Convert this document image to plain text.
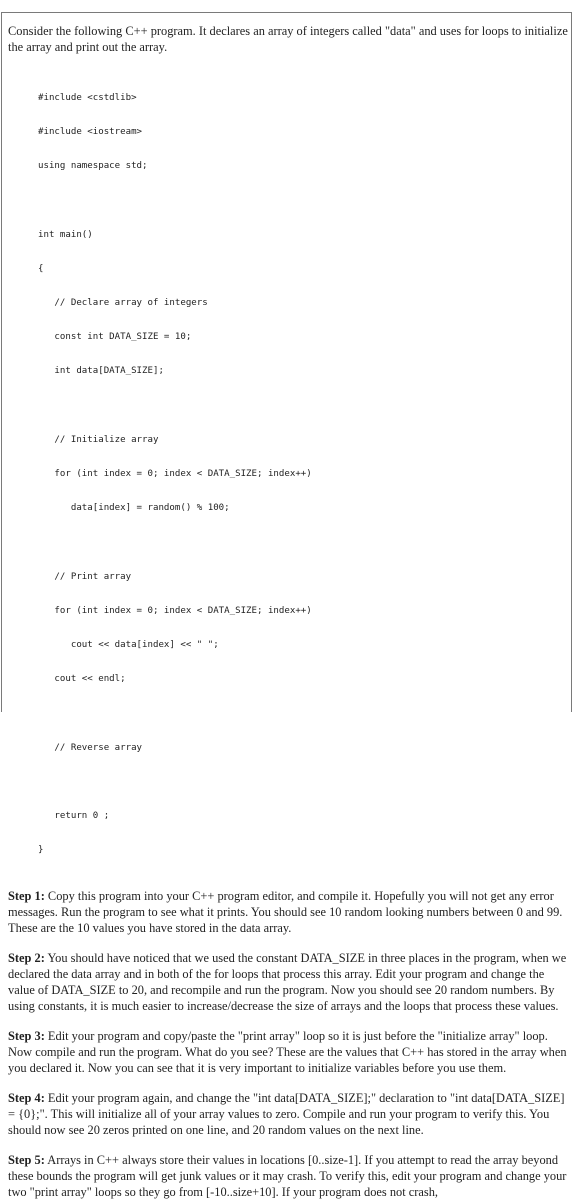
Consider the following C++ program. It declares an array of integers called "data" and uses for loops to initialize the array and print out the array.

#include <cstdlib>

#include <iostream>

using namespace std;

int main()

{

// Declare array of integers

const int DATA_SIZE = 10;

int data[DATA_SIZE];

// Initialize array

for (int index = 0; index < DATA_SIZE; index++)

data[index] = random() % 100;

// Print array

for (int index = 0; index < DATA_SIZE; index++)

cout << data[index] << " ";

cout << endl;

// Reverse array

return 0 ;

}

Step 1: Copy this program into your C++ program editor, and compile it. Hopefully you will not get any error messages. Run the program to see what it prints. You should see 10 random looking numbers between 0 and 99. These are the 10 values you have stored in the data array.

Step 2: You should have noticed that we used the constant DATA_SIZE in three places in the program, when we declared the data array and in both of the for loops that process this array. Edit your program and change the value of DATA_SIZE to 20, and recompile and run the program. Now you should see 20 random numbers. By using constants, it is much easier to increase/decrease the size of arrays and the loops that process these values.

Step 3: Edit your program and copy/paste the "print array" loop so it is just before the "initialize array" loop. Now compile and run the program. What do you see? These are the values that C++ has stored in the array when you declared it. Now you can see that it is very important to initialize variables before you use them.

Step 4: Edit your program again, and change the "int data[DATA_SIZE];" declaration to "int data[DATA_SIZE] = {0};". This will initialize all of your array values to zero. Compile and run your program to verify this. You should now see 20 zeros printed on one line, and 20 random values on the next line.

Step 5: Arrays in C++ always store their values in locations [0..size-1]. If you attempt to read the array beyond these bounds the program will get junk values or it may crash. To verify this, edit your program and change your two "print array" loops so they go from [-10..size+10]. If your program does not crash,
